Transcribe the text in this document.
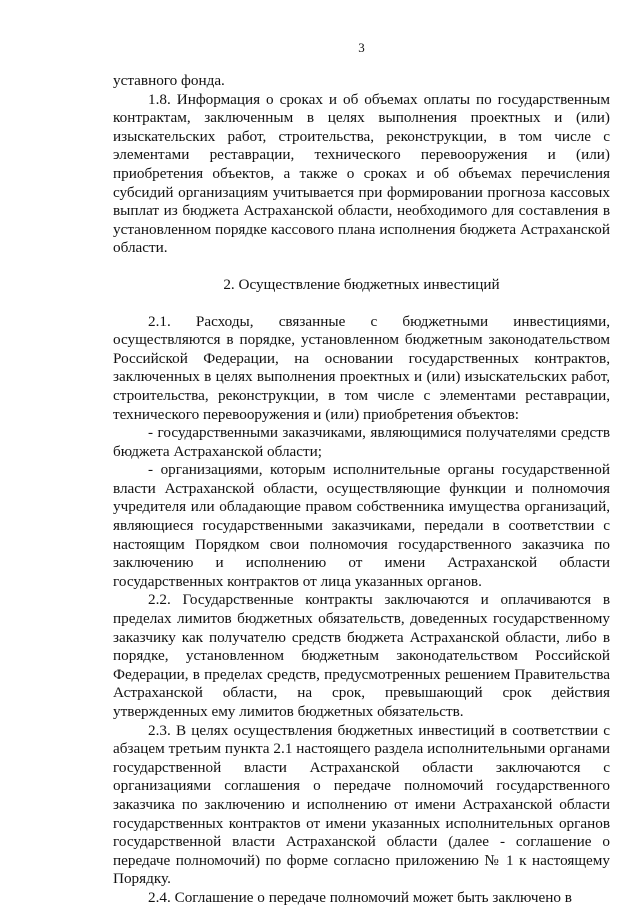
3

уставного фонда.

1.8. Информация о сроках и об объемах оплаты по государственным контрактам, заключенным в целях выполнения проектных и (или) изыскательских работ, строительства, реконструкции, в том числе с элементами реставрации, технического перевооружения и (или) приобретения объектов, а также о сроках и об объемах перечисления субсидий организациям учитывается при формировании прогноза кассовых выплат из бюджета Астраханской области, необходимого для составления в установленном порядке кассового плана исполнения бюджета Астраханской области.

2. Осуществление бюджетных инвестиций

2.1. Расходы, связанные с бюджетными инвестициями, осуществляются в порядке, установленном бюджетным законодательством Российской Федерации, на основании государственных контрактов, заключенных в целях выполнения проектных и (или) изыскательских работ, строительства, реконструкции, в том числе с элементами реставрации, технического перевооружения и (или) приобретения объектов:

- государственными заказчиками, являющимися получателями средств бюджета Астраханской области;

- организациями, которым исполнительные органы государственной власти Астраханской области, осуществляющие функции и полномочия учредителя или обладающие правом собственника имущества организаций, являющиеся государственными заказчиками, передали в соответствии с настоящим Порядком свои полномочия государственного заказчика по заключению и исполнению от имени Астраханской области государственных контрактов от лица указанных органов.

2.2. Государственные контракты заключаются и оплачиваются в пределах лимитов бюджетных обязательств, доведенных государственному заказчику как получателю средств бюджета Астраханской области, либо в порядке, установленном бюджетным законодательством Российской Федерации, в пределах средств, предусмотренных решением Правительства Астраханской области, на срок, превышающий срок действия утвержденных ему лимитов бюджетных обязательств.

2.3. В целях осуществления бюджетных инвестиций в соответствии с абзацем третьим пункта 2.1 настоящего раздела исполнительными органами государственной власти Астраханской области заключаются с организациями соглашения о передаче полномочий государственного заказчика по заключению и исполнению от имени Астраханской области государственных контрактов от имени указанных исполнительных органов государственной власти Астраханской области (далее - соглашение о передаче полномочий) по форме согласно приложению № 1 к настоящему Порядку.

2.4. Соглашение о передаче полномочий может быть заключено в
